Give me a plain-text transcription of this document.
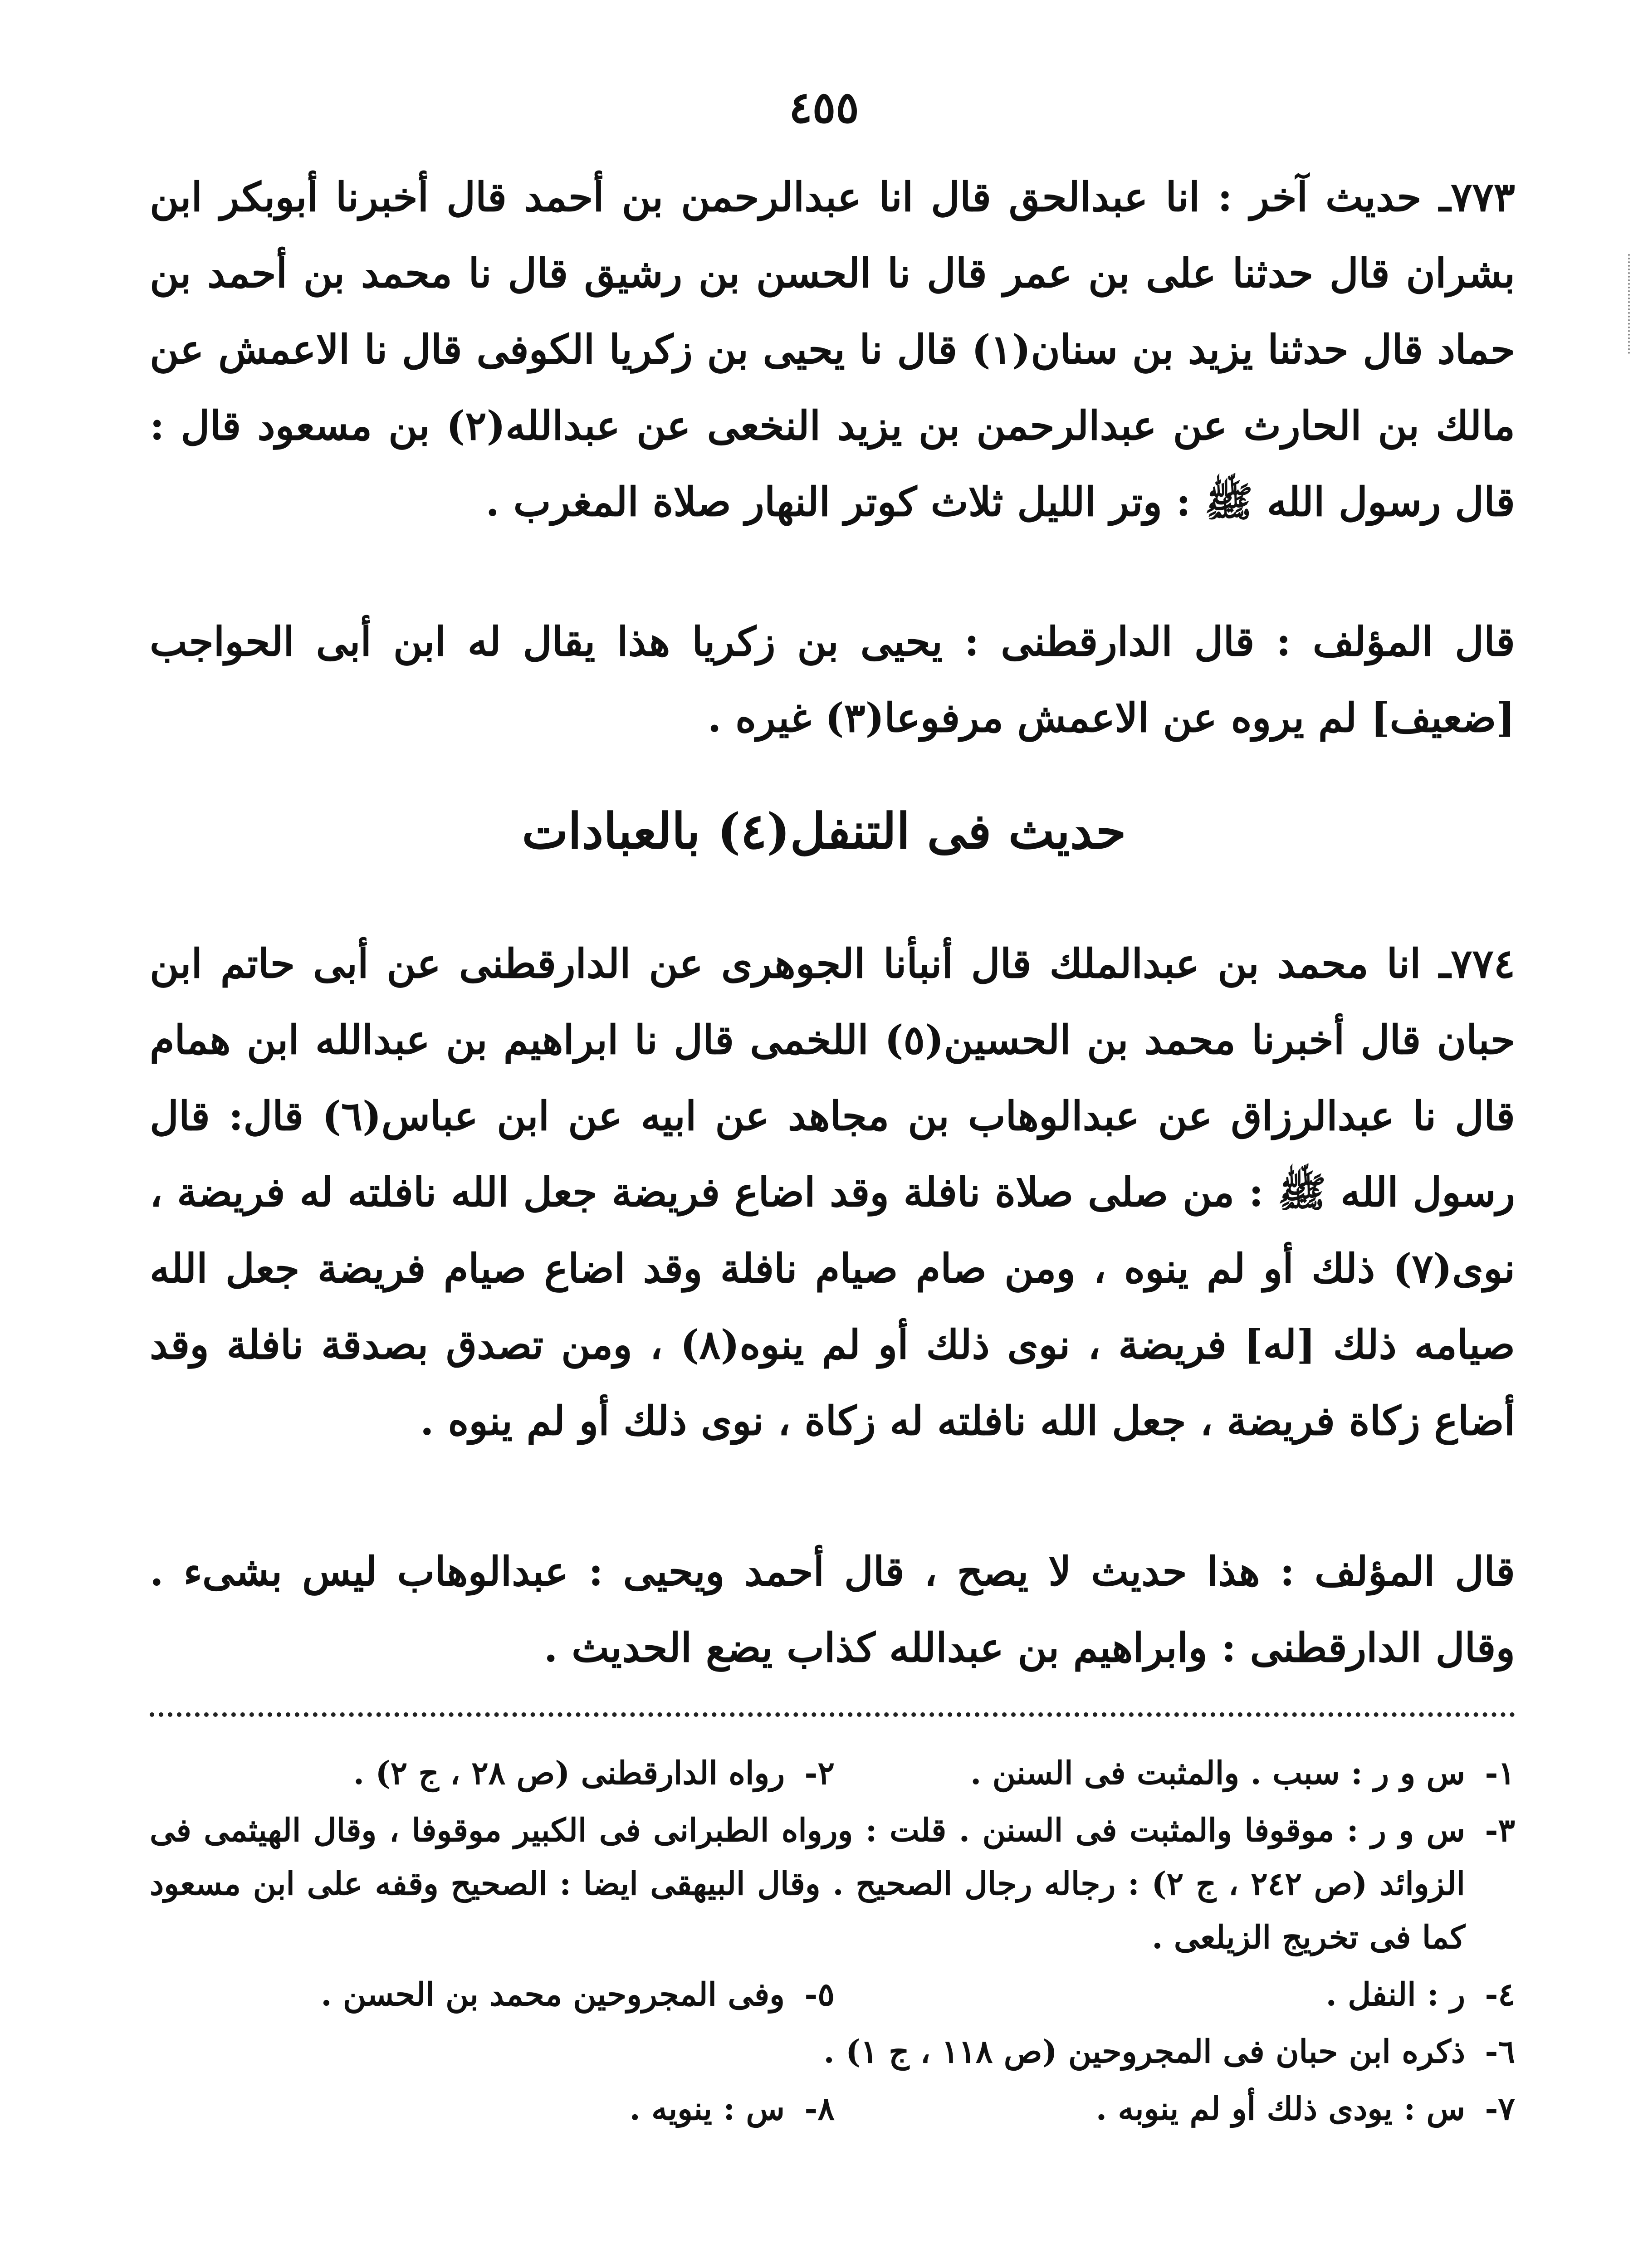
٤٥٥
٧٧٣ـ حديث آخر : انا عبدالحق قال انا عبدالرحمن بن أحمد قال أخبرنا أبوبكر ابن بشران قال حدثنا على بن عمر قال نا الحسن بن رشيق قال نا محمد بن أحمد بن حماد قال حدثنا يزيد بن سنان(١) قال نا يحيى بن زكريا الكوفى قال نا الاعمش عن مالك بن الحارث عن عبدالرحمن بن يزيد النخعى عن عبدالله(٢) بن مسعود قال : قال رسول الله ﷺ : وتر الليل ثلاث كوتر النهار صلاة المغرب .
قال المؤلف : قال الدارقطنى : يحيى بن زكريا هذا يقال له ابن أبى الحواجب [ضعيف] لم يروه عن الاعمش مرفوعا(٣) غيره .
حديث فى التنفل(٤) بالعبادات
٧٧٤ـ انا محمد بن عبدالملك قال أنبأنا الجوهرى عن الدارقطنى عن أبى حاتم ابن حبان قال أخبرنا محمد بن الحسين(٥) اللخمى قال نا ابراهيم بن عبدالله ابن همام قال نا عبدالرزاق عن عبدالوهاب بن مجاهد عن ابيه عن ابن عباس(٦) قال: قال رسول الله ﷺ : من صلى صلاة نافلة وقد اضاع فريضة جعل الله نافلته له فريضة ، نوى(٧) ذلك أو لم ينوه ، ومن صام صيام نافلة وقد اضاع صيام فريضة جعل الله صيامه ذلك [له] فريضة ، نوى ذلك أو لم ينوه(٨) ، ومن تصدق بصدقة نافلة وقد أضاع زكاة فريضة ، جعل الله نافلته له زكاة ، نوى ذلك أو لم ينوه .
قال المؤلف : هذا حديث لا يصح ، قال أحمد ويحيى : عبدالوهاب ليس بشىء . وقال الدارقطنى : وابراهيم بن عبدالله كذاب يضع الحديث .
١-
س و ر : سبب . والمثبت فى السنن .
٢-
رواه الدارقطنى (ص ٢٨ ، ج ٢) .
٣-
س و ر : موقوفا والمثبت فى السنن . قلت : ورواه الطبرانى فى الكبير موقوفا ، وقال الهيثمى فى الزوائد (ص ٢٤٢ ، ج ٢) : رجاله رجال الصحيح . وقال البيهقى ايضا : الصحيح وقفه على ابن مسعود كما فى تخريج الزيلعى .
٤-
ر : النفل .
٥-
وفى المجروحين محمد بن الحسن .
٦-
ذكره ابن حبان فى المجروحين (ص ١١٨ ، ج ١) .
٧-
س : يودى ذلك أو لم ينوبه .
٨-
س : ينويه .
